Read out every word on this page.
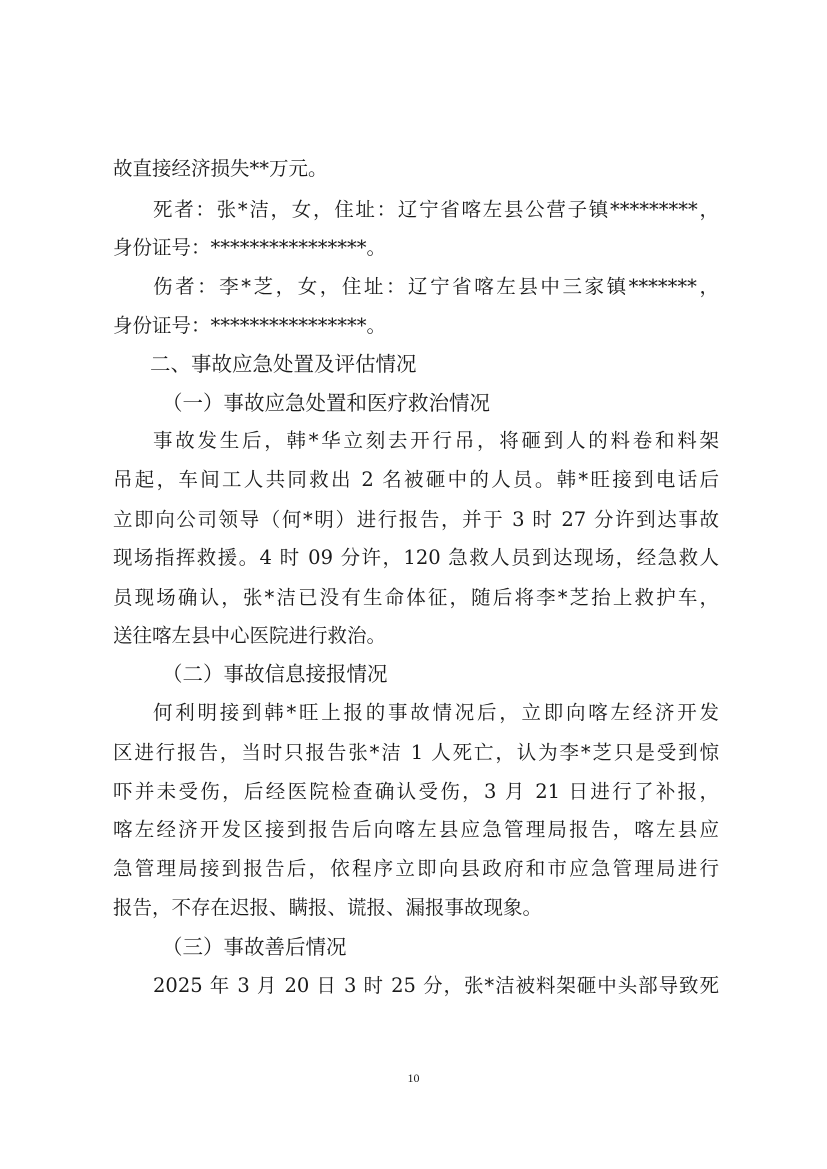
故直接经济损失**万元。
死者：张*洁，女，住址：辽宁省喀左县公营子镇*********，
身份证号：****************。
伤者：李*芝，女，住址：辽宁省喀左县中三家镇*******，
身份证号：****************。
二、事故应急处置及评估情况
（一）事故应急处置和医疗救治情况
事故发生后，韩*华立刻去开行吊，将砸到人的料卷和料架
吊起，车间工人共同救出 2 名被砸中的人员。韩*旺接到电话后
立即向公司领导（何*明）进行报告，并于 3 时 27 分许到达事故
现场指挥救援。4 时 09 分许，120 急救人员到达现场，经急救人
员现场确认，张*洁已没有生命体征，随后将李*芝抬上救护车，
送往喀左县中心医院进行救治。
（二）事故信息接报情况
何利明接到韩*旺上报的事故情况后，立即向喀左经济开发
区进行报告，当时只报告张*洁 1 人死亡，认为李*芝只是受到惊
吓并未受伤，后经医院检查确认受伤，3 月 21 日进行了补报，
喀左经济开发区接到报告后向喀左县应急管理局报告，喀左县应
急管理局接到报告后，依程序立即向县政府和市应急管理局进行
报告，不存在迟报、瞒报、谎报、漏报事故现象。
（三）事故善后情况
2025 年 3 月 20 日 3 时 25 分，张*洁被料架砸中头部导致死
10
